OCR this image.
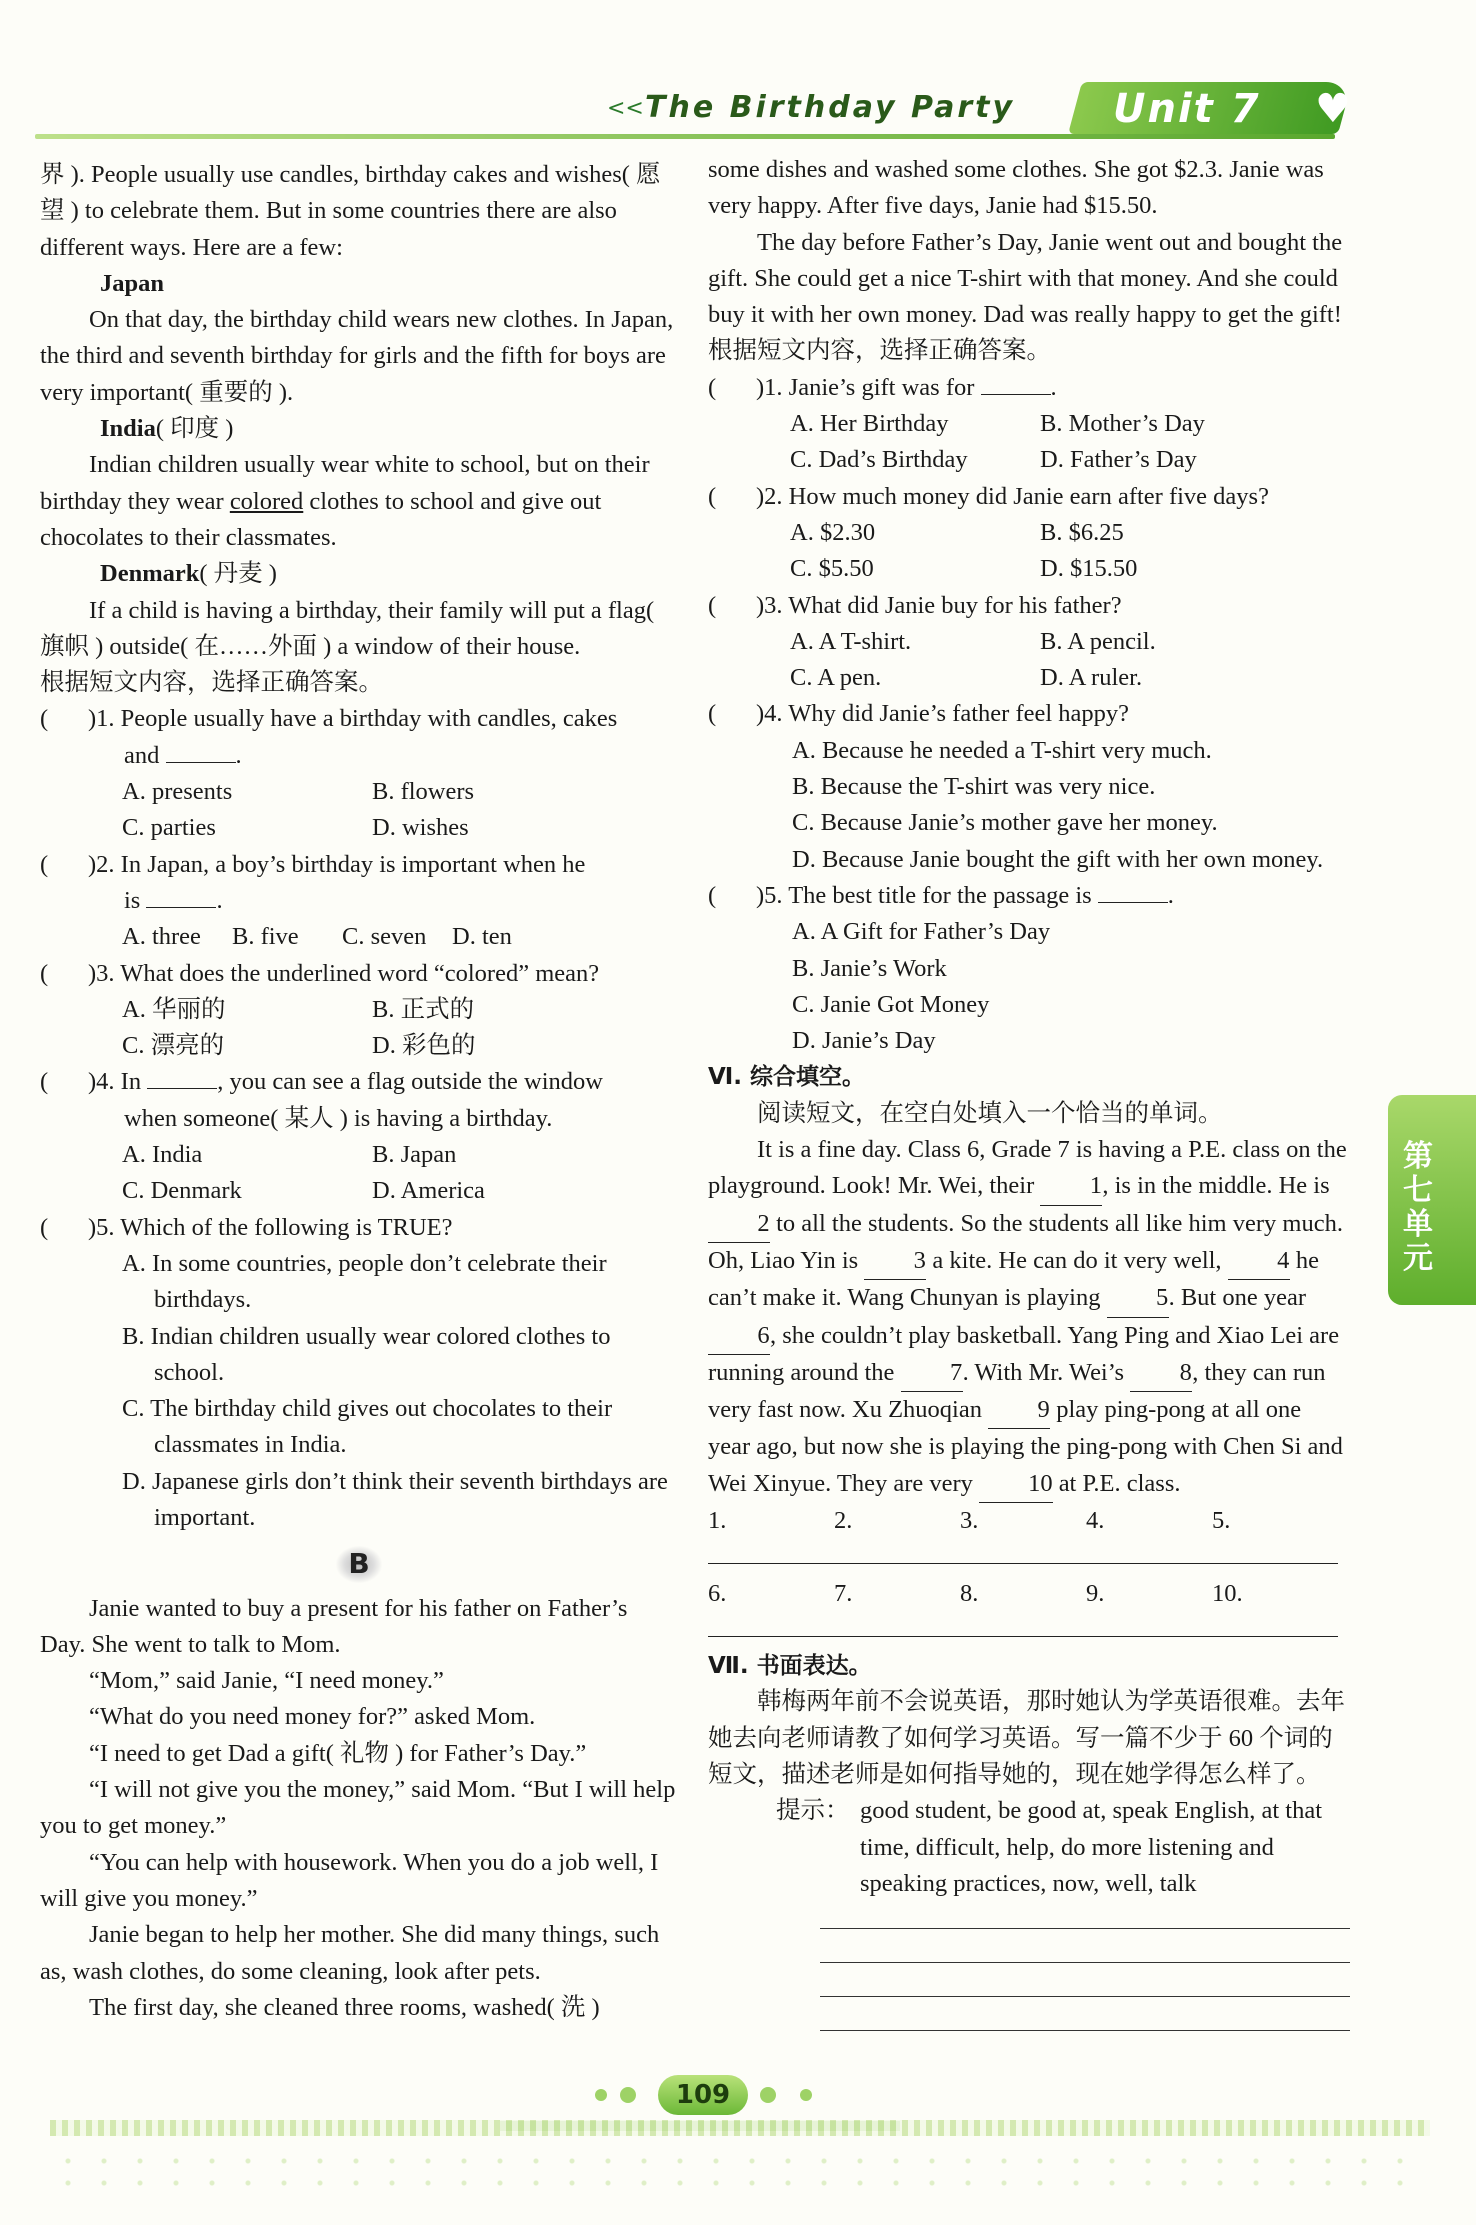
<< The Birthday Party Unit 7 ♥

界 ). People usually use candles, birthday cakes and wishes( 愿望 ) to celebrate them. But in some countries there are also different ways. Here are a few:

Japan

On that day, the birthday child wears new clothes. In Japan, the third and seventh birthday for girls and the fifth for boys are very important( 重要的 ).

India( 印度 )

Indian children usually wear white to school, but on their birthday they wear colored clothes to school and give out chocolates to their classmates.

Denmark( 丹麦 )

If a child is having a birthday, their family will put a flag( 旗帜 ) outside( 在……外面 ) a window of their house.

根据短文内容，选择正确答案。

(	)1. People usually have a birthday with candles, cakes

and	.

A. presents	B. flowers
C. parties	D. wishes
(	)2. In Japan, a boy’s birthday is important when he

is	.

A. three	B. five	C. seven	D. ten
(	)3. What does the underlined word “colored” mean?
A. 华丽的	B. 正式的
C. 漂亮的	D. 彩色的
(	)4. In	, you can see a flag outside the window

when someone( 某人 ) is having a birthday.

A. India	B. Japan
C. Denmark	D. America
(	)5. Which of the following is TRUE?

A. In some countries, people don’t celebrate their birthdays.

B. Indian children usually wear colored clothes to school.

C. The birthday child gives out chocolates to their classmates in India.

D. Japanese girls don’t think their seventh birthdays are important.

B

Janie wanted to buy a present for his father on Father’s Day. She went to talk to Mom.

“Mom,” said Janie, “I need money.”

“What do you need money for?” asked Mom.

“I need to get Dad a gift( 礼物 ) for Father’s Day.”

“I will not give you the money,” said Mom. “But I will help you to get money.”

“You can help with housework. When you do a job well, I will give you money.”

Janie began to help her mother. She did many things, such as, wash clothes, do some cleaning, look after pets.

The first day, she cleaned three rooms, washed( 洗 )

some dishes and washed some clothes. She got $2.3. Janie was very happy. After five days, Janie had $15.50.

The day before Father’s Day, Janie went out and bought the gift. She could get a nice T-shirt with that money. And she could buy it with her own money. Dad was really happy to get the gift!

根据短文内容，选择正确答案。

(	)1. Janie’s gift was for	.
A. Her Birthday	B. Mother’s Day
C. Dad’s Birthday	D. Father’s Day
(	)2. How much money did Janie earn after five days?
A. $2.30	B. $6.25
C. $5.50	D. $15.50
(	)3. What did Janie buy for his father?
A. A T-shirt.	B. A pencil.
C. A pen.	D. A ruler.
(	)4. Why did Janie’s father feel happy?

A. Because he needed a T-shirt very much.

B. Because the T-shirt was very nice.

C. Because Janie’s mother gave her money.

D. Because Janie bought the gift with her own money.

(	)5. The best title for the passage is	.

A. A Gift for Father’s Day

B. Janie’s Work

C. Janie Got Money

D. Janie’s Day

Ⅵ. 综合填空。

阅读短文，在空白处填入一个恰当的单词。

It is a fine day. Class 6, Grade 7 is having a P.E. class on the playground. Look! Mr. Wei, their 1, is in the middle. He is 2 to all the students. So the students all like him very much. Oh, Liao Yin is 3 a kite. He can do it very well, 4 he can’t make it. Wang Chunyan is playing 5. But one year 6, she couldn’t play basketball. Yang Ping and Xiao Lei are running around the 7. With Mr. Wei’s 8, they can run very fast now. Xu Zhuoqian 9 play ping-pong at all one year ago, but now she is playing the ping-pong with Chen Si and Wei Xinyue. They are very 10 at P.E. class.

1.	2.	3.	4.	5.
6.	7.	8.	9.	10.

Ⅶ. 书面表达。

韩梅两年前不会说英语，那时她认为学英语很难。去年她去向老师请教了如何学习英语。写一篇不少于 60 个词的短文，描述老师是如何指导她的，现在她学得怎么样了。

提示： good student, be good at, speak English, at that time, difficult, help, do more listening and speaking practices, now, well, talk
第七单元
109
